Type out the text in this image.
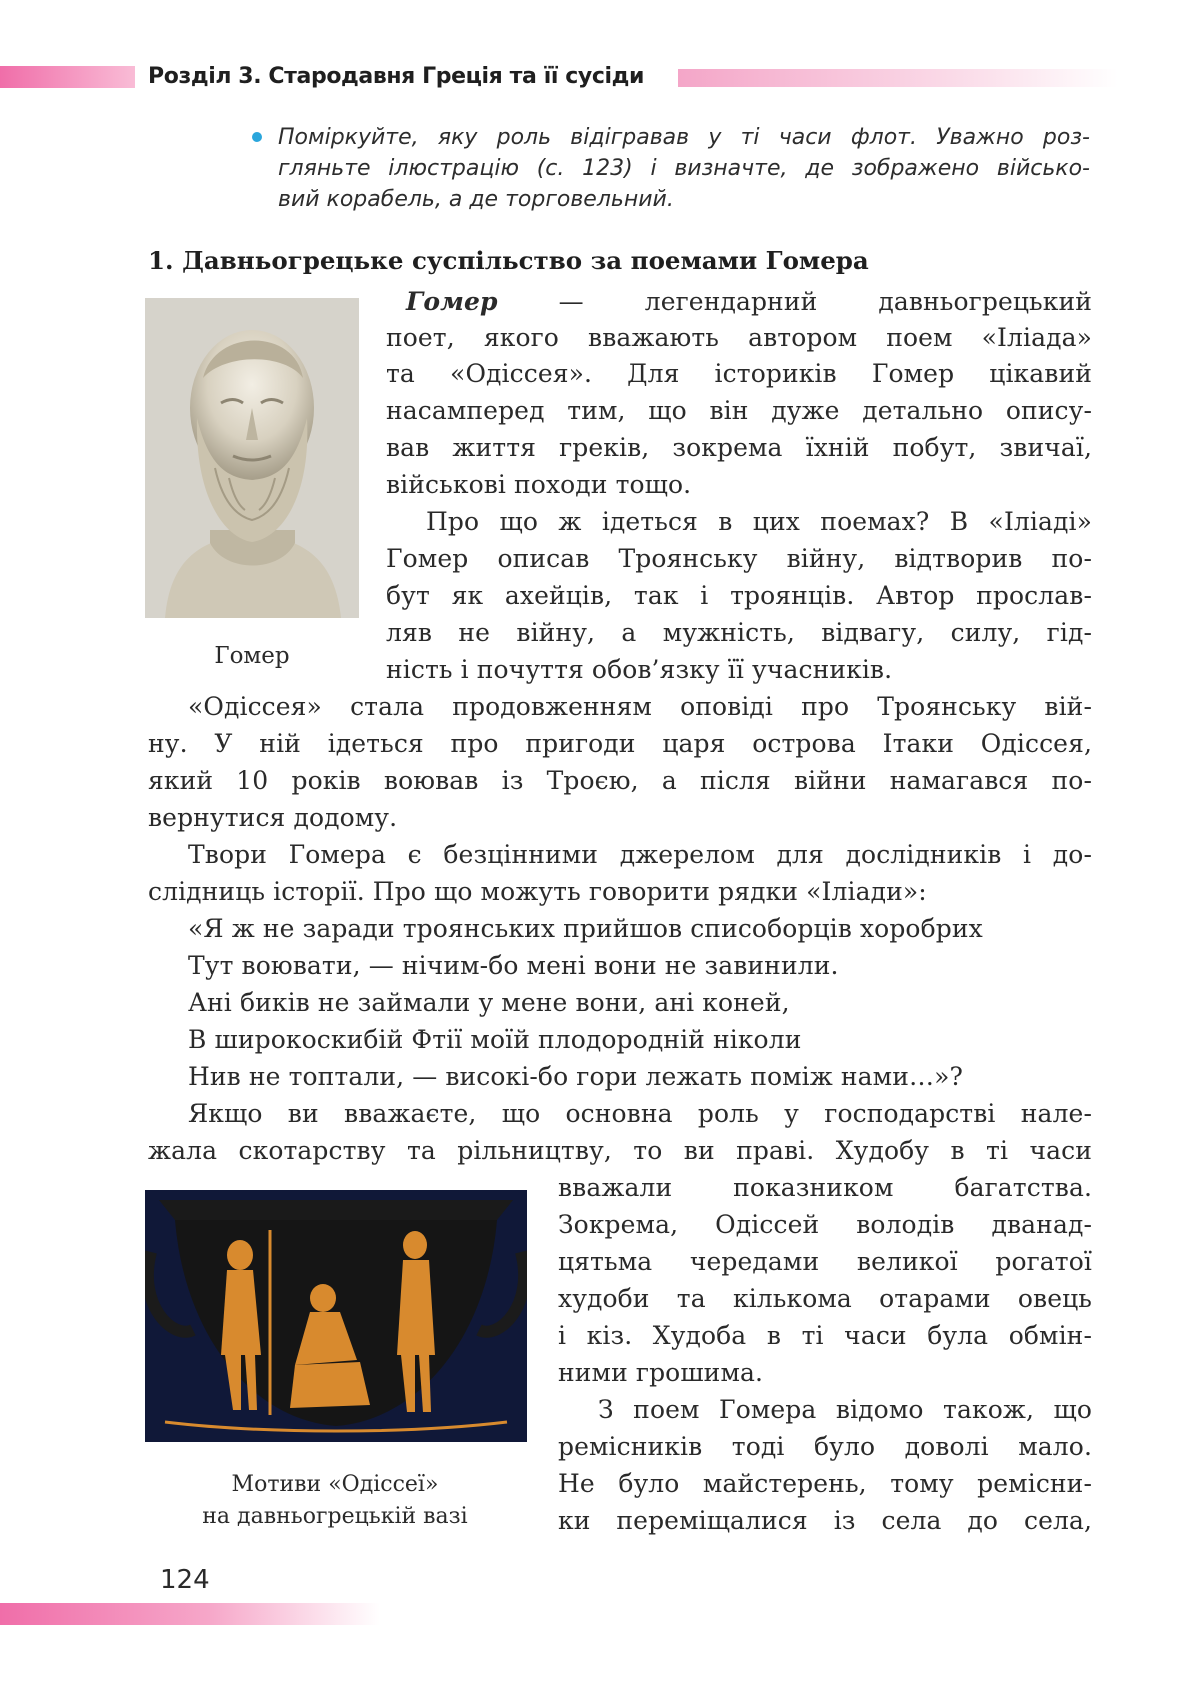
Розділ 3. Стародавня Греція та її сусіди

Поміркуйте, яку роль відігравав у ті часи флот. Уважно роз-
гляньте ілюстрацію (с. 123) і визначте, де зображено військо-
вий корабель, а де торговельний.

1. Давньогрецьке суспільство за поемами Гомера
Гомер
Мотиви «Одіссеї»
на давньогрецькій вазі
Гомер — легендарний давньогрецький
поет, якого вважають автором поем «Іліада»
та «Одіссея». Для істориків Гомер цікавий
насамперед тим, що він дуже детально опису-
вав життя греків, зокрема їхній побут, звичаї,
військові походи тощо.
Про що ж ідеться в цих поемах? В «Іліаді»
Гомер описав Троянську війну, відтворив по-
бут як ахейців, так і троянців. Автор прослав-
ляв не війну, а мужність, відвагу, силу, гід-
ність і почуття обов’язку її учасників.
«Одіссея» стала продовженням оповіді про Троянську вій-
ну. У ній ідеться про пригоди царя острова Ітаки Одіссея,
який 10 років воював із Троєю, а після війни намагався по-
вернутися додому.
Твори Гомера є безцінними джерелом для дослідників і до-
слідниць історії. Про що можуть говорити рядки «Іліади»:
«Я ж не заради троянських прийшов списоборців хоробрих
Тут воювати, — нічим-бо мені вони не завинили.
Ані биків не займали у мене вони, ані коней,
В широкоскибій Фтії моїй плодородній ніколи
Нив не топтали, — високі-бо гори лежать поміж нами…»?
Якщо ви вважаєте, що основна роль у господарстві нале-
жала скотарству та рільництву, то ви праві. Худобу в ті часи
вважали показником багатства.
Зокрема, Одіссей володів дванад-
цятьма чередами великої рогатої
худоби та кількома отарами овець
і кіз. Худоба в ті часи була обмін-
ними грошима.
З поем Гомера відомо також, що
ремісників тоді було доволі мало.
Не було майстерень, тому ремісни-
ки переміщалися із села до села,
124
